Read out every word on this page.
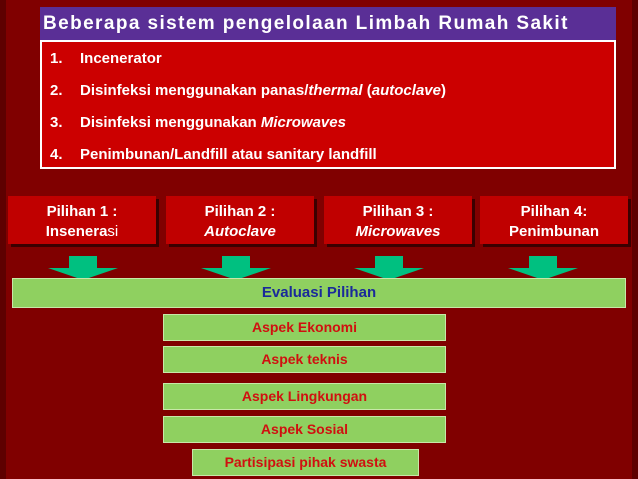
Beberapa sistem pengelolaan Limbah Rumah Sakit
1. Incenerator
2. Disinfeksi menggunakan panas/thermal (autoclave)
3. Disinfeksi menggunakan Microwaves
4. Penimbunan/Landfill atau sanitary landfill
Pilihan 1 :
Insenerasi
Pilihan 2 :
Autoclave
Pilihan 3 :
Microwaves
Pilihan 4:
Penimbunan
Evaluasi Pilihan
Aspek Ekonomi
Aspek teknis
Aspek Lingkungan
Aspek Sosial
Partisipasi pihak swasta
